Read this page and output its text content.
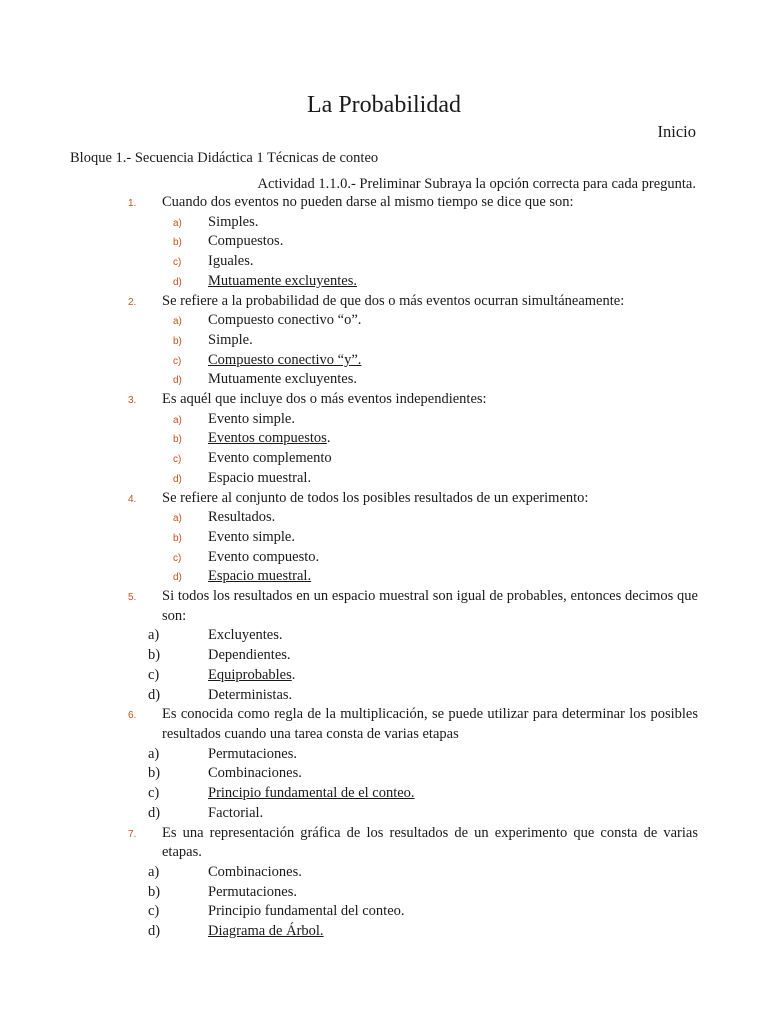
La Probabilidad
Inicio
Bloque 1.- Secuencia Didáctica 1 Técnicas de conteo
Actividad 1.1.0.- Preliminar Subraya la opción correcta para cada pregunta.
1.	Cuando dos eventos no pueden darse al mismo tiempo se dice que son:
a)	Simples.
b)	Compuestos.
c)	Iguales.
d)	Mutuamente excluyentes.
2.	Se refiere a la probabilidad de que dos o más eventos ocurran simultáneamente:
a)	Compuesto conectivo “o”.
b)	Simple.
c)	Compuesto conectivo “y”.
d)	Mutuamente excluyentes.
3.	Es aquél que incluye dos o más eventos independientes:
a)	Evento simple.
b)	Eventos compuestos.
c)	Evento complemento
d)	Espacio muestral.
4.	Se refiere al conjunto de todos los posibles resultados de un experimento:
a)	Resultados.
b)	Evento simple.
c)	Evento compuesto.
d)	Espacio muestral.
5.	Si todos los resultados en un espacio muestral son igual de probables, entonces decimos que son:
a)	Excluyentes.
b)	Dependientes.
c)	Equiprobables.
d)	Deterministas.
6.	Es conocida como regla de la multiplicación, se puede utilizar para determinar los posibles resultados cuando una tarea consta de varias etapas
a)	Permutaciones.
b)	Combinaciones.
c)	Principio fundamental de el conteo.
d)	Factorial.
7.	Es una representación gráfica de los resultados de un experimento que consta de varias etapas.
a)	Combinaciones.
b)	Permutaciones.
c)	Principio fundamental del conteo.
d)	Diagrama de Árbol.
